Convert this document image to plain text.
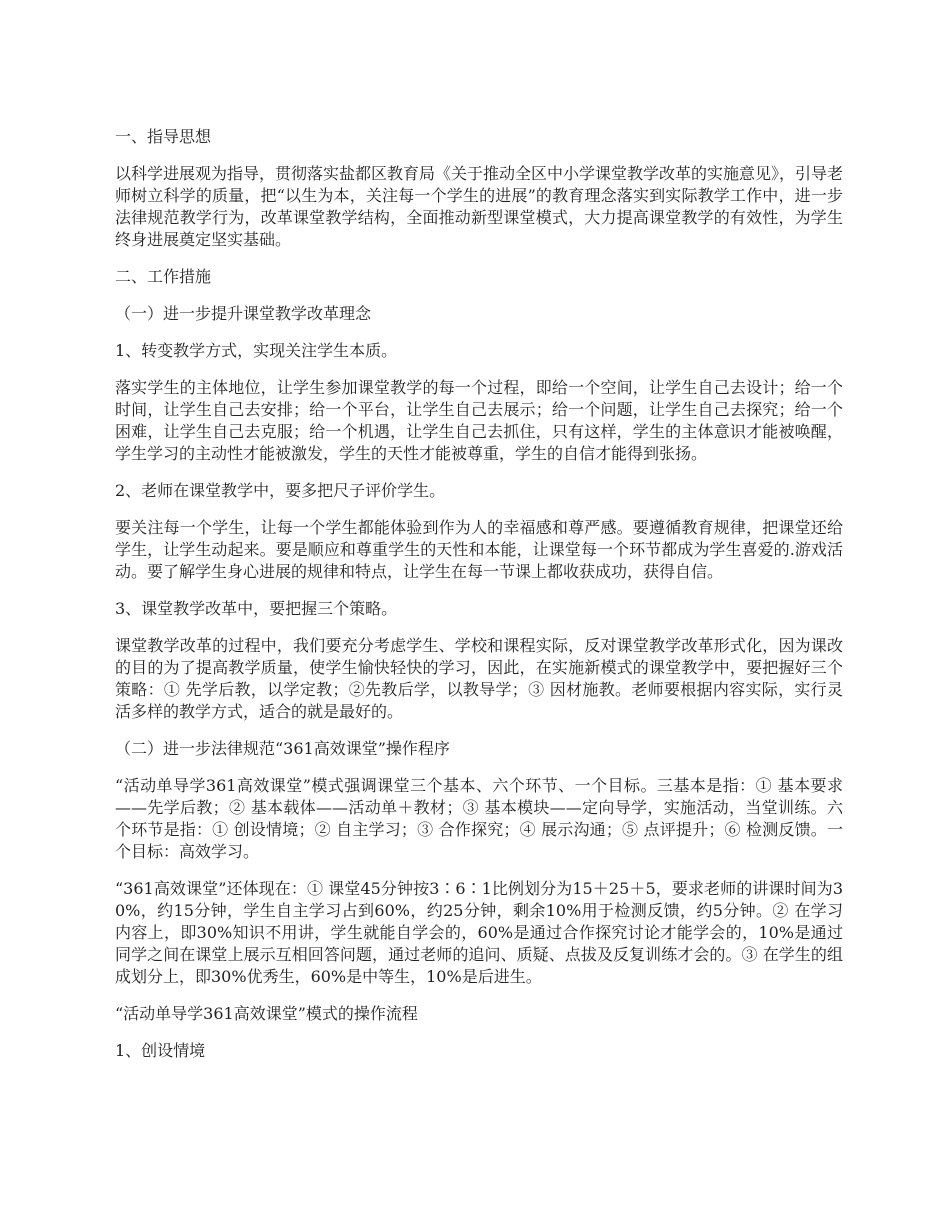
一、指导思想

以科学进展观为指导，贯彻落实盐都区教育局《关于推动全区中小学课堂教学改革的实施意见》，引导老师树立科学的质量，把“以生为本，关注每一个学生的进展”的教育理念落实到实际教学工作中，进一步法律规范教学行为，改革课堂教学结构，全面推动新型课堂模式，大力提高课堂教学的有效性，为学生终身进展奠定坚实基础。

二、工作措施

（一）进一步提升课堂教学改革理念

1、转变教学方式，实现关注学生本质。

落实学生的主体地位，让学生参加课堂教学的每一个过程，即给一个空间，让学生自己去设计；给一个时间，让学生自己去安排；给一个平台，让学生自己去展示；给一个问题，让学生自己去探究；给一个困难，让学生自己去克服；给一个机遇，让学生自己去抓住，只有这样，学生的主体意识才能被唤醒，学生学习的主动性才能被激发，学生的天性才能被尊重，学生的自信才能得到张扬。

2、老师在课堂教学中，要多把尺子评价学生。

要关注每一个学生，让每一个学生都能体验到作为人的幸福感和尊严感。要遵循教育规律，把课堂还给学生，让学生动起来。要是顺应和尊重学生的天性和本能，让课堂每一个环节都成为学生喜爱的.游戏活动。要了解学生身心进展的规律和特点，让学生在每一节课上都收获成功，获得自信。

3、课堂教学改革中，要把握三个策略。

课堂教学改革的过程中，我们要充分考虑学生、学校和课程实际，反对课堂教学改革形式化，因为课改的目的为了提高教学质量，使学生愉快轻快的学习，因此，在实施新模式的课堂教学中，要把握好三个策略：① 先学后教，以学定教；②先教后学，以教导学；③ 因材施教。老师要根据内容实际，实行灵活多样的教学方式，适合的就是最好的。

（二）进一步法律规范“361高效课堂”操作程序

“活动单导学361高效课堂”模式强调课堂三个基本、六个环节、一个目标。三基本是指：① 基本要求——先学后教；② 基本载体——活动单＋教材；③ 基本模块——定向导学，实施活动，当堂训练。六个环节是指：① 创设情境；② 自主学习；③ 合作探究；④ 展示沟通；⑤ 点评提升；⑥ 检测反馈。一个目标：高效学习。

“361高效课堂”还体现在：① 课堂45分钟按3∶6∶1比例划分为15＋25＋5，要求老师的讲课时间为30%，约15分钟，学生自主学习占到60%，约25分钟，剩余10%用于检测反馈，约5分钟。② 在学习内容上，即30%知识不用讲，学生就能自学会的，60%是通过合作探究讨论才能学会的，10%是通过同学之间在课堂上展示互相回答问题，通过老师的追问、质疑、点拔及反复训练才会的。③ 在学生的组成划分上，即30%优秀生，60%是中等生，10%是后进生。

“活动单导学361高效课堂”模式的操作流程

1、创设情境
